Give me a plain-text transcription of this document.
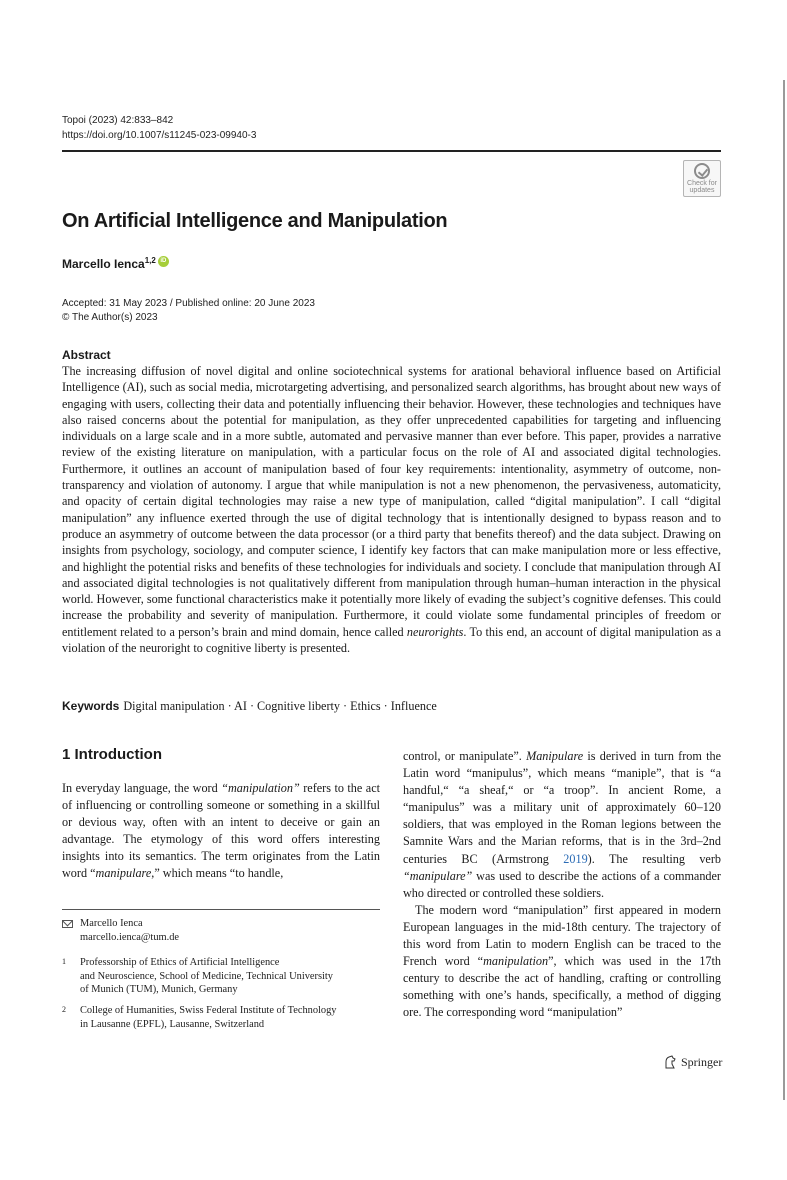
Topoi (2023) 42:833–842
https://doi.org/10.1007/s11245-023-09940-3
Check for updates
On Artificial Intelligence and Manipulation
Marcello Ienca$^{1,2}$ iD
Accepted: 31 May 2023 / Published online: 20 June 2023
© The Author(s) 2023
Abstract
The increasing diffusion of novel digital and online sociotechnical systems for arational behavioral influence based on Artificial Intelligence (AI), such as social media, microtargeting advertising, and personalized search algorithms, has brought about new ways of engaging with users, collecting their data and potentially influencing their behavior. However, these technologies and techniques have also raised concerns about the potential for manipulation, as they offer unprecedented capabilities for targeting and influencing individuals on a large scale and in a more subtle, automated and pervasive manner than ever before. This paper, provides a narrative review of the existing literature on manipulation, with a particular focus on the role of AI and associated digital technologies. Furthermore, it outlines an account of manipulation based of four key requirements: intentionality, asymmetry of outcome, non-transparency and violation of autonomy. I argue that while manipulation is not a new phenomenon, the pervasiveness, automaticity, and opacity of certain digital technologies may raise a new type of manipulation, called “digital manipulation”. I call “digital manipulation” any influence exerted through the use of digital technology that is intentionally designed to bypass reason and to produce an asymmetry of outcome between the data processor (or a third party that benefits thereof) and the data subject. Drawing on insights from psychology, sociology, and computer science, I identify key factors that can make manipulation more or less effective, and highlight the potential risks and benefits of these technologies for individuals and society. I conclude that manipulation through AI and associated digital technologies is not qualitatively different from manipulation through human–human interaction in the physical world. However, some functional characteristics make it potentially more likely of evading the subject’s cognitive defenses. This could increase the probability and severity of manipulation. Furthermore, it could violate some fundamental principles of freedom or entitlement related to a person’s brain and mind domain, hence called neurorights. To this end, an account of digital manipulation as a violation of the neuroright to cognitive liberty is presented.
Keywords Digital manipulation · AI · Cognitive liberty · Ethics · Influence
1 Introduction

In everyday language, the word “manipulation” refers to the act of influencing or controlling someone or something in a skillful or devious way, often with an intent to deceive or gain an advantage. The etymology of this word offers interesting insights into its semantics. The term originates from the Latin word “manipulare,” which means “to handle,

control, or manipulate”. Manipulare is derived in turn from the Latin word “manipulus”, which means “maniple”, that is “a handful,“ “a sheaf,“ or “a troop”. In ancient Rome, a “manipulus” was a military unit of approximately 60–120 soldiers, that was employed in the Roman legions between the Samnite Wars and the Marian reforms, that is in the 3rd–2nd centuries BC (Armstrong 2019). The resulting verb “manipulare” was used to describe the actions of a commander who directed or controlled these soldiers.

The modern word “manipulation” first appeared in modern European languages in the mid-18th century. The trajectory of this word from Latin to modern English can be traced to the French word “manipulation”, which was used in the 17th century to describe the act of handling, crafting or controlling something with one’s hands, specifically, a method of digging ore. The corresponding word “manipulation”

Marcello Ienca
marcello.ienca@tum.de
1	Professorship of Ethics of Artificial Intelligence
and Neuroscience, School of Medicine, Technical University
of Munich (TUM), Munich, Germany
2	College of Humanities, Swiss Federal Institute of Technology
in Lausanne (EPFL), Lausanne, Switzerland
Springer
